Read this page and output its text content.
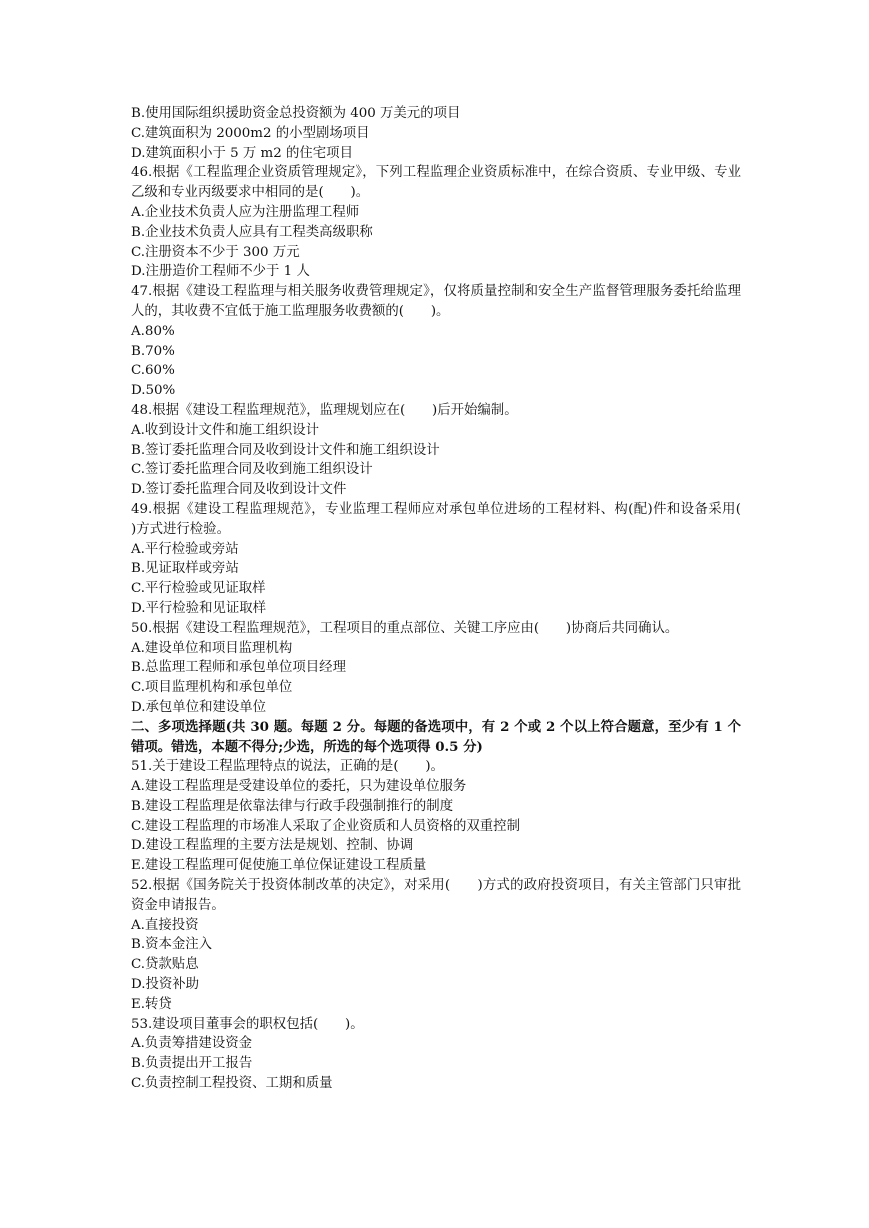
B.使用国际组织援助资金总投资额为 400 万美元的项目

C.建筑面积为 2000m2 的小型剧场项目

D.建筑面积小于 5 万 m2 的住宅项目

46.根据《工程监理企业资质管理规定》，下列工程监理企业资质标准中，在综合资质、专业甲级、专业乙级和专业丙级要求中相同的是(　　)。

A.企业技术负责人应为注册监理工程师

B.企业技术负责人应具有工程类高级职称

C.注册资本不少于 300 万元

D.注册造价工程师不少于 1 人

47.根据《建设工程监理与相关服务收费管理规定》，仅将质量控制和安全生产监督管理服务委托给监理人的，其收费不宜低于施工监理服务收费额的(　　)。

A.80%

B.70%

C.60%

D.50%

48.根据《建设工程监理规范》，监理规划应在(　　)后开始编制。

A.收到设计文件和施工组织设计

B.签订委托监理合同及收到设计文件和施工组织设计

C.签订委托监理合同及收到施工组织设计

D.签订委托监理合同及收到设计文件

49.根据《建设工程监理规范》，专业监理工程师应对承包单位进场的工程材料、构(配)件和设备采用(　　)方式进行检验。

A.平行检验或旁站

B.见证取样或旁站

C.平行检验或见证取样

D.平行检验和见证取样

50.根据《建设工程监理规范》，工程项目的重点部位、关键工序应由(　　)协商后共同确认。

A.建设单位和项目监理机构

B.总监理工程师和承包单位项目经理

C.项目监理机构和承包单位

D.承包单位和建设单位

二、多项选择题(共 30 题。每题 2 分。每题的备选项中，有 2 个或 2 个以上符合题意，至少有 1 个错项。错选，本题不得分;少选，所选的每个选项得 0.5 分)

51.关于建设工程监理特点的说法，正确的是(　　)。

A.建设工程监理是受建设单位的委托，只为建设单位服务

B.建设工程监理是依靠法律与行政手段强制推行的制度

C.建设工程监理的市场准人采取了企业资质和人员资格的双重控制

D.建设工程监理的主要方法是规划、控制、协调

E.建设工程监理可促使施工单位保证建设工程质量

52.根据《国务院关于投资体制改革的决定》，对采用(　　)方式的政府投资项目，有关主管部门只审批资金申请报告。

A.直接投资

B.资本金注入

C.贷款贴息

D.投资补助

E.转贷

53.建设项目董事会的职权包括(　　)。

A.负责筹措建设资金

B.负责提出开工报告

C.负责控制工程投资、工期和质量
